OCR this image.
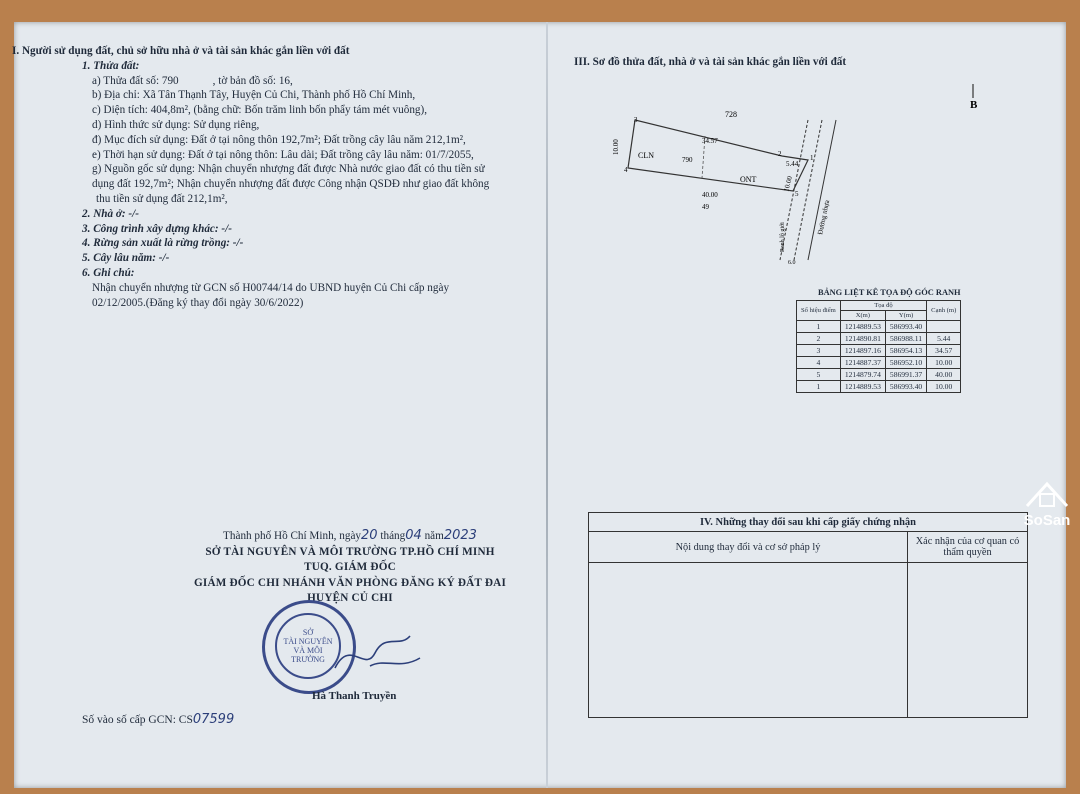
I. Người sử dụng đất, chủ sở hữu nhà ở và tài sản khác gắn liền với đất
1. Thửa đất:
a) Thửa đất số: 790	, tờ bản đồ số: 16,
b) Địa chỉ: Xã Tân Thạnh Tây, Huyện Củ Chi, Thành phố Hồ Chí Minh,
c) Diện tích: 404,8m², (bằng chữ: Bốn trăm linh bốn phẩy tám mét vuông),
d) Hình thức sử dụng: Sử dụng riêng,
đ) Mục đích sử dụng: Đất ở tại nông thôn 192,7m²; Đất trồng cây lâu năm 212,1m²,
e) Thời hạn sử dụng: Đất ở tại nông thôn: Lâu dài; Đất trồng cây lâu năm: 01/7/2055,
g) Nguồn gốc sử dụng: Nhận chuyển nhượng đất được Nhà nước giao đất có thu tiền sử
dụng đất 192,7m²; Nhận chuyển nhượng đất được Công nhận QSDĐ như giao đất không
thu tiền sử dụng đất 212,1m²,
2. Nhà ở: -/-
3. Công trình xây dựng khác: -/-
4. Rừng sản xuất là rừng trồng: -/-
5. Cây lâu năm: -/-
6. Ghi chú:
Nhận chuyển nhượng từ GCN số H00744/14 do UBND huyện Củ Chi cấp ngày
02/12/2005.(Đăng ký thay đổi ngày 30/6/2022)
Thành phố Hồ Chí Minh, ngày20 tháng04 năm2023
SỞ TÀI NGUYÊN VÀ MÔI TRƯỜNG TP.HỒ CHÍ MINH
TUQ. GIÁM ĐỐC
GIÁM ĐỐC CHI NHÁNH VĂN PHÒNG ĐĂNG KÝ ĐẤT ĐAI
HUYỆN CỦ CHI
SỞ
TÀI NGUYÊN
VÀ MÔI TRƯỜNG
Hà Thanh Truyền
Số vào số cấp GCN: CS07599
III. Sơ đồ thửa đất, nhà ở và tài sản khác gắn liền với đất
B
728
CLN	790
ONT
34.57
40.00
10.00
5.44
10.00
3
4
2	1
5
49	Đường nhựa
Ranh lộ giới
6.0
BẢNG LIỆT KÊ TỌA ĐỘ GÓC RANH
Số hiệu điểm	Tọa độ		Cạnh (m)
	X(m)	Y(m)	
1	1214889.53	586993.40	
2	1214890.81	586988.11	5.44
3	1214897.16	586954.13	34.57
4	1214887.37	586952.10	10.00
5	1214879.74	586991.37	40.00
1	1214889.53	586993.40	10.00
IV. Những thay đổi sau khi cấp giấy chứng nhận	
Nội dung thay đổi và cơ sở pháp lý	Xác nhận của cơ quan có thẩm quyền

SoSan
